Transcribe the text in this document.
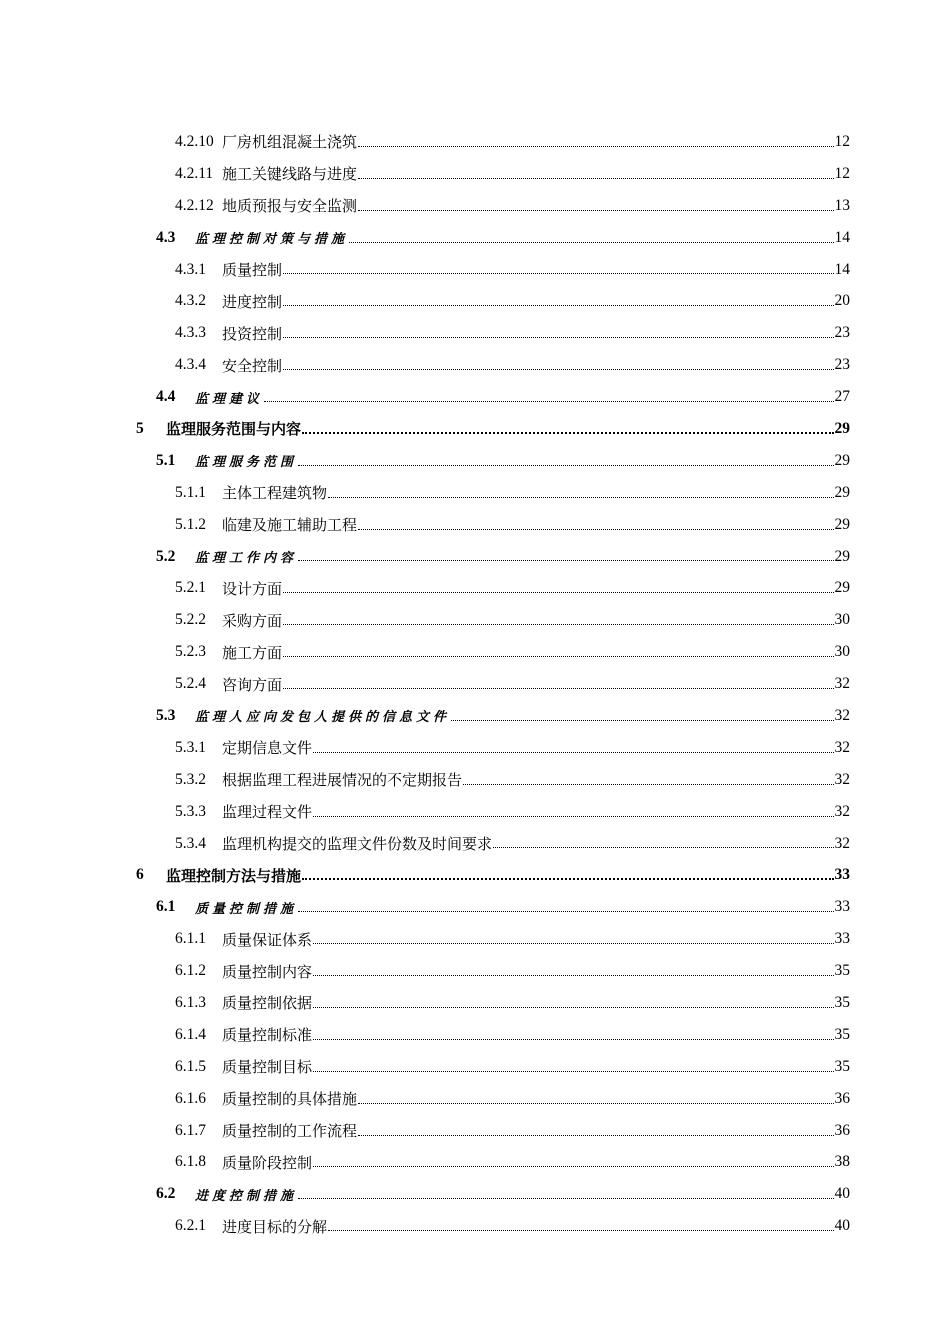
4.2.10 厂房机组混凝土浇筑	12
4.2.11 施工关键线路与进度	12
4.2.12 地质预报与安全监测	13
4.3	监理控制对策与措施	14
4.3.1	质量控制	14
4.3.2	进度控制	20
4.3.3	投资控制	23
4.3.4	安全控制	23
4.4	监理建议	27
5	监理服务范围与内容	29
5.1	监理服务范围	29
5.1.1	主体工程建筑物	29
5.1.2	临建及施工辅助工程	29
5.2	监理工作内容	29
5.2.1	设计方面	29
5.2.2	采购方面	30
5.2.3	施工方面	30
5.2.4	咨询方面	32
5.3	监理人应向发包人提供的信息文件	32
5.3.1	定期信息文件	32
5.3.2	根据监理工程进展情况的不定期报告	32
5.3.3	监理过程文件	32
5.3.4	监理机构提交的监理文件份数及时间要求	32
6	监理控制方法与措施	33
6.1	质量控制措施	33
6.1.1	质量保证体系	33
6.1.2	质量控制内容	35
6.1.3	质量控制依据	35
6.1.4	质量控制标准	35
6.1.5	质量控制目标	35
6.1.6	质量控制的具体措施	36
6.1.7	质量控制的工作流程	36
6.1.8	质量阶段控制	38
6.2	进度控制措施	40
6.2.1	进度目标的分解	40
